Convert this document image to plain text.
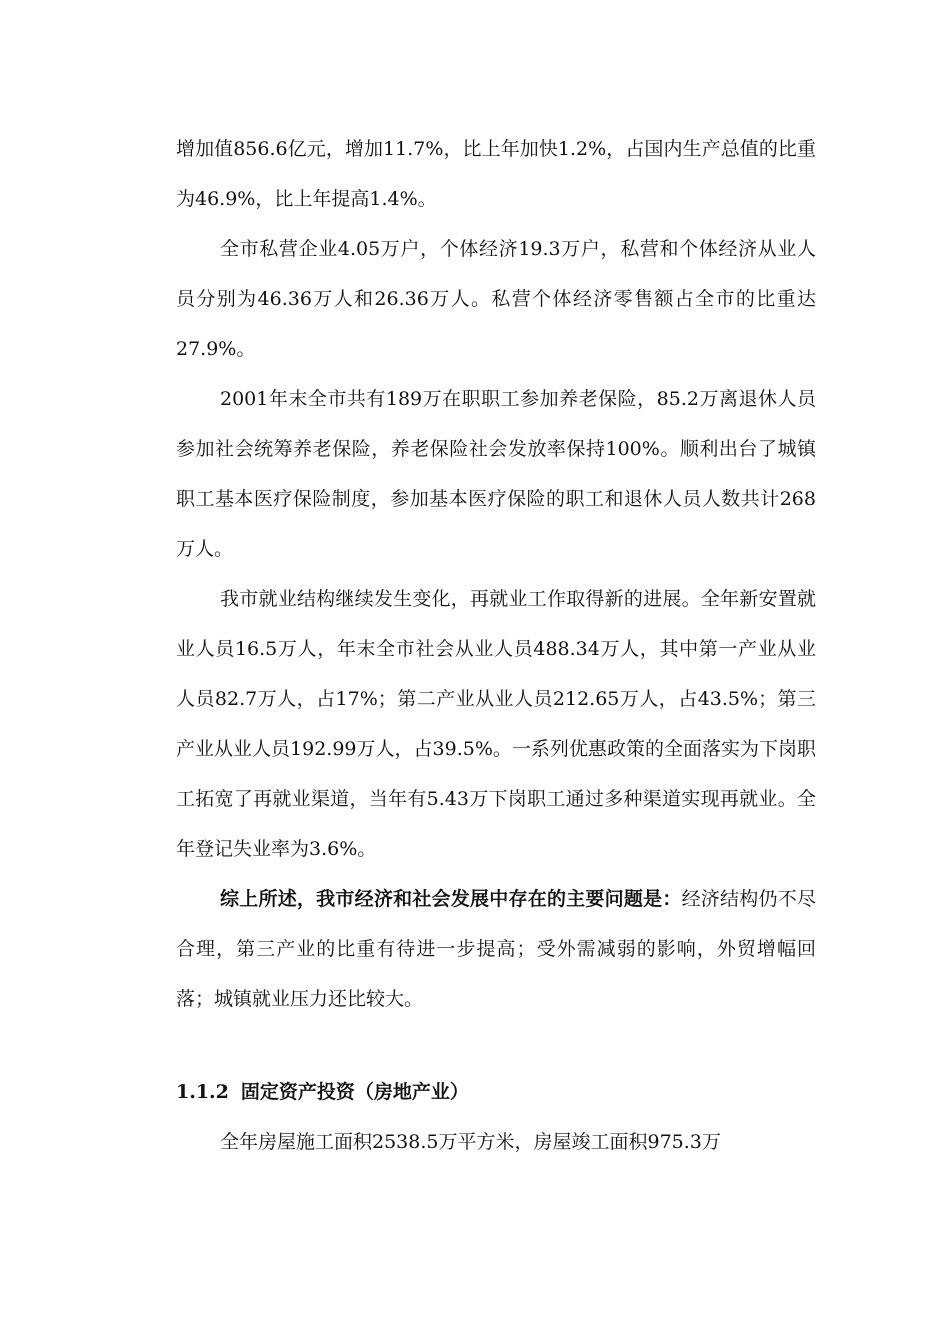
增加值856.6亿元，增加11.7%，比上年加快1.2%，占国内生产总值的比重为46.9%，比上年提高1.4%。

全市私营企业4.05万户，个体经济19.3万户，私营和个体经济从业人员分别为46.36万人和26.36万人。私营个体经济零售额占全市的比重达27.9%。

2001年末全市共有189万在职职工参加养老保险，85.2万离退休人员参加社会统筹养老保险，养老保险社会发放率保持100%。顺利出台了城镇职工基本医疗保险制度，参加基本医疗保险的职工和退休人员人数共计268万人。

我市就业结构继续发生变化，再就业工作取得新的进展。全年新安置就业人员16.5万人，年末全市社会从业人员488.34万人，其中第一产业从业人员82.7万人，占17%；第二产业从业人员212.65万人，占43.5%；第三产业从业人员192.99万人，占39.5%。一系列优惠政策的全面落实为下岗职工拓宽了再就业渠道，当年有5.43万下岗职工通过多种渠道实现再就业。全年登记失业率为3.6%。

综上所述，我市经济和社会发展中存在的主要问题是：经济结构仍不尽合理，第三产业的比重有待进一步提高；受外需减弱的影响，外贸增幅回落；城镇就业压力还比较大。

1.1.2 固定资产投资（房地产业）

全年房屋施工面积2538.5万平方米，房屋竣工面积975.3万
